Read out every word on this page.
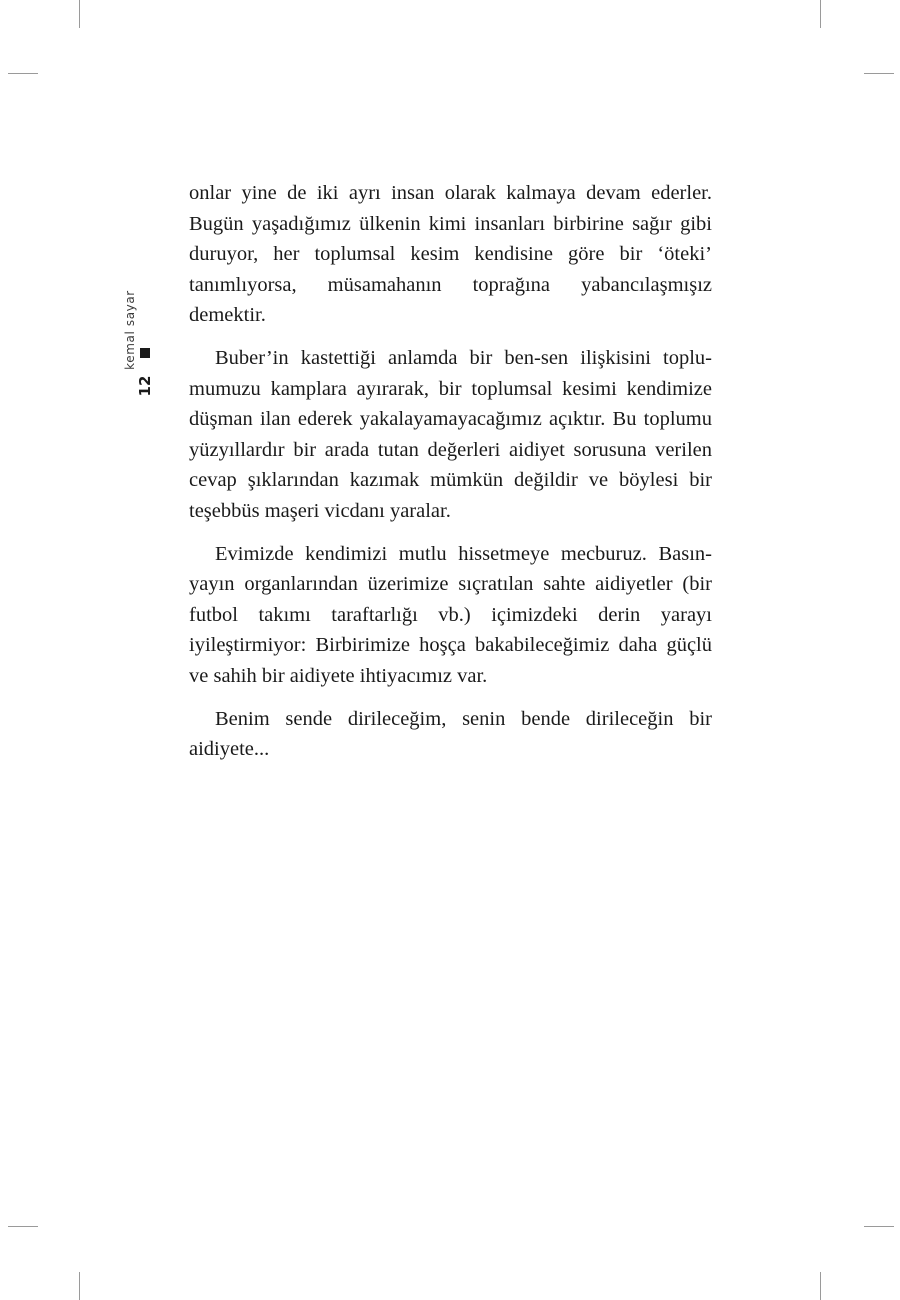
kemal sayar
12

onlar yine de iki ayrı insan olarak kalmaya devam ederler. Bugün yaşadığımız ülkenin kimi insanları birbirine sağır gibi duruyor, her toplumsal kesim kendisine göre bir ‘öteki’ tanımlıyorsa, müsamahanın toprağına yabancılaşmışız demektir.

Buber’in kastettiği anlamda bir ben-sen ilişkisini toplumumuzu kamplara ayırarak, bir toplumsal kesimi kendimize düşman ilan ederek yakalayamayacağımız açıktır. Bu toplumu yüzyıllardır bir arada tutan değerleri aidiyet sorusuna verilen cevap şıklarından kazımak mümkün değildir ve böylesi bir teşebbüs maşeri vicdanı yaralar.

Evimizde kendimizi mutlu hissetmeye mecburuz. Basınyayın organlarından üzerimize sıçratılan sahte aidiyetler (bir futbol takımı taraftarlığı vb.) içimizdeki derin yarayı iyileştirmiyor: Birbirimize hoşça bakabileceğimiz daha güçlü ve sahih bir aidiyete ihtiyacımız var.

Benim sende dirileceğim, senin bende dirileceğin bir aidiyete...
